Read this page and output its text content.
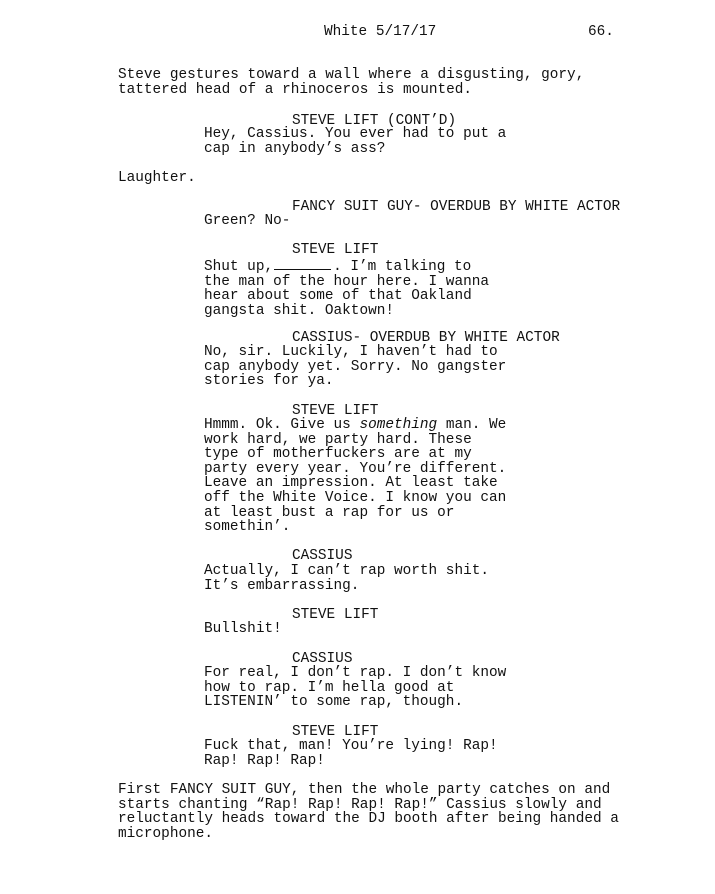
White 5/17/17	66.

Steve gestures toward a wall where a disgusting, gory,
tattered head of a rhinoceros is mounted.

STEVE LIFT (CONT’D)

Hey, Cassius. You ever had to put a
cap in anybody’s ass?

Laughter.

FANCY SUIT GUY- OVERDUB BY WHITE ACTOR

Green? No-

STEVE LIFT

Shut up,	. I’m talking to
the man of the hour here. I wanna
hear about some of that Oakland
gangsta shit. Oaktown!

CASSIUS- OVERDUB BY WHITE ACTOR

No, sir. Luckily, I haven’t had to
cap anybody yet. Sorry. No gangster
stories for ya.

STEVE LIFT

Hmmm. Ok. Give us something man. We
work hard, we party hard. These
type of motherfuckers are at my
party every year. You’re different.
Leave an impression. At least take
off the White Voice. I know you can
at least bust a rap for us or
somethin’.

CASSIUS

Actually, I can’t rap worth shit.
It’s embarrassing.

STEVE LIFT

Bullshit!

CASSIUS

For real, I don’t rap. I don’t know
how to rap. I’m hella good at
LISTENIN’ to some rap, though.

STEVE LIFT

Fuck that, man! You’re lying! Rap!
Rap! Rap! Rap!

First FANCY SUIT GUY, then the whole party catches on and
starts chanting “Rap! Rap! Rap! Rap!” Cassius slowly and
reluctantly heads toward the DJ booth after being handed a
microphone.
